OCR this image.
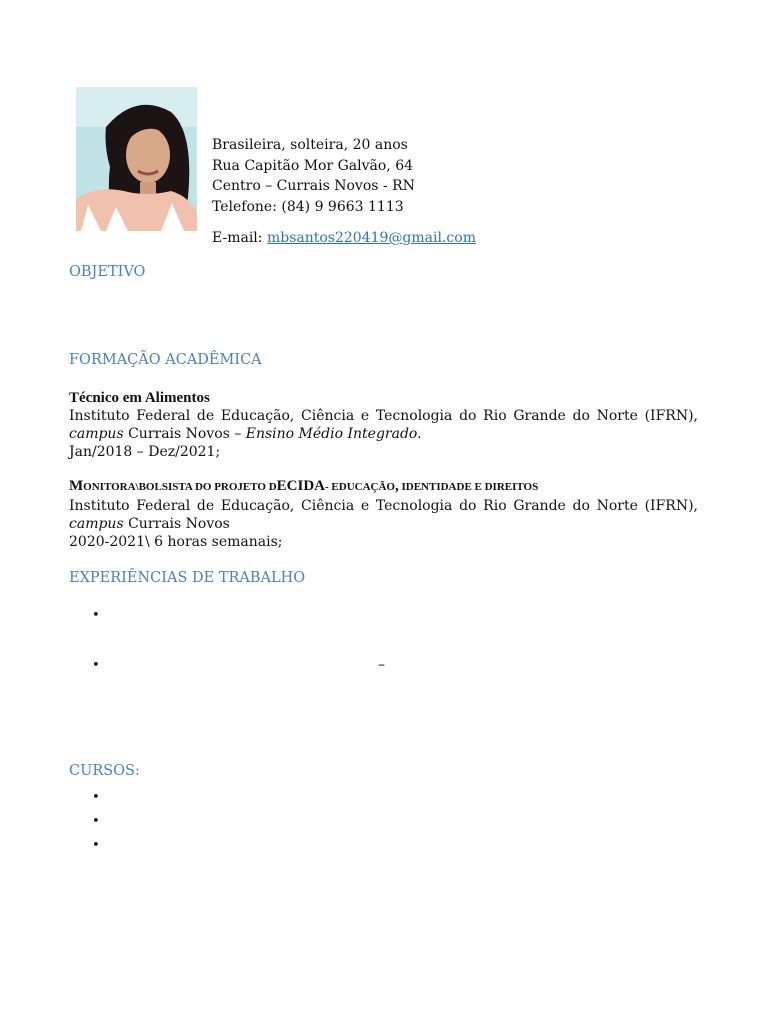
Brasileira, solteira, 20 anos
Rua Capitão Mor Galvão, 64
Centro – Currais Novos - RN
Telefone: (84) 9 9663 1113
E-mail: mbsantos220419@gmail.com
OBJETIVO
FORMAÇÃO ACADÊMICA
Técnico em Alimentos
Instituto Federal de Educação, Ciência e Tecnologia do Rio Grande do Norte (IFRN),
campus Currais Novos – Ensino Médio Integrado.
Jan/2018 – Dez/2021;
MONITORA\BOLSISTA DO PROJETO DECIDA- EDUCAÇÃO, IDENTIDADE E DIREITOS
Instituto Federal de Educação, Ciência e Tecnologia do Rio Grande do Norte (IFRN),
campus Currais Novos
2020-2021\ 6 horas semanais;
EXPERIÊNCIAS DE TRABALHO
•
•	–
CURSOS:
•
•
•
